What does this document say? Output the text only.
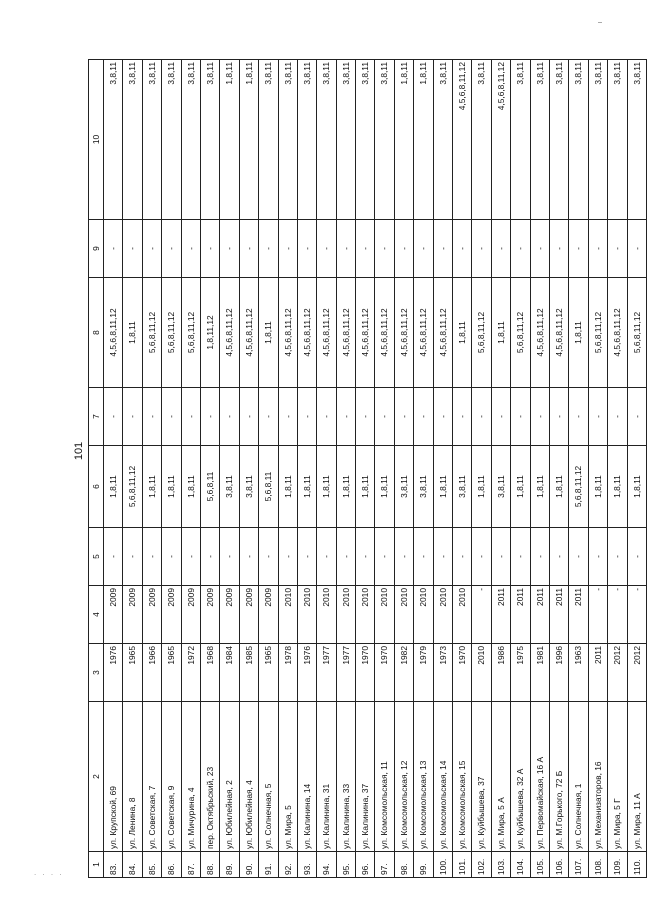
101
1	2	3	4	5	6	7	8	9	10
83.	ул. Крупской, 69	1976	2009	-	1,8,11	-	4,5,6,8,11,12	-	3,8,11
84.	ул. Ленина, 8	1965	2009	-	5,6,8,11,12	-	1,8,11	-	3,8,11
85.	ул. Советская, 7	1966	2009	-	1,8,11	-	5,6,8,11,12	-	3,8,11
86.	ул. Советская, 9	1965	2009	-	1,8,11	-	5,6,8,11,12	-	3,8,11
87.	ул. Мичурина, 4	1972	2009	-	1,8,11	-	5,6,8,11,12	-	3,8,11
88.	пер. Октябрьский, 23	1968	2009	-	5,6,8,11	-	1,8,11,12	-	3,8,11
89.	ул. Юбилейная, 2	1984	2009	-	3,8,11	-	4,5,6,8,11,12	-	1,8,11
90.	ул. Юбилейная, 4	1985	2009	-	3,8,11	-	4,5,6,8,11,12	-	1,8,11
91.	ул. Солнечная, 5	1965	2009	-	5,6,8,11	-	1,8,11	-	3,8,11
92.	ул. Мира, 5	1978	2010	-	1,8,11	-	4,5,6,8,11,12	-	3,8,11
93.	ул. Калинина, 14	1976	2010	-	1,8,11	-	4,5,6,8,11,12	-	3,8,11
94.	ул. Калинина, 31	1977	2010	-	1,8,11	-	4,5,6,8,11,12	-	3,8,11
95.	ул. Калинина, 33	1977	2010	-	1,8,11	-	4,5,6,8,11,12	-	3,8,11
96.	ул. Калинина, 37	1970	2010	-	1,8,11	-	4,5,6,8,11,12	-	3,8,11
97.	ул. Комсомольская, 11	1970	2010	-	1,8,11	-	4,5,6,8,11,12	-	3,8,11
98.	ул. Комсомольская, 12	1982	2010	-	3,8,11	-	4,5,6,8,11,12	-	1,8,11
99.	ул. Комсомольская, 13	1979	2010	-	3,8,11	-	4,5,6,8,11,12	-	1,8,11
100.	ул. Комсомольская, 14	1973	2010	-	1,8,11	-	4,5,6,8,11,12	-	3,8,11
101.	ул. Комсомольская, 15	1970	2010	-	3,8,11	-	1,8,11	-	4,5,6,8,11,12
102.	ул. Куйбышева, 37	2010	-	-	1,8,11	-	5,6,8,11,12	-	3,8,11
103.	ул. Мира, 5 А	1986	2011	-	3,8,11	-	1,8,11	-	4,5,6,8,11,12
104.	ул. Куйбышева, 32 А	1975	2011	-	1,8,11	-	5,6,8,11,12	-	3,8,11
105.	ул. Первомайская, 16 А	1981	2011	-	1,8,11	-	4,5,6,8,11,12	-	3,8,11
106.	ул. М.Горького, 72 Б	1996	2011	-	1,8,11	-	4,5,6,8,11,12	-	3,8,11
107.	ул. Солнечная, 1	1963	2011	-	5,6,8,11,12	-	1,8,11	-	3,8,11
108.	ул. Механизаторов, 16	2011	-	-	1,8,11	-	5,6,8,11,12	-	3,8,11
109.	ул. Мира, 5 Г	2012	-	-	1,8,11	-	4,5,6,8,11,12	-	3,8,11
110.	ул. Мира, 11 А	2012	-	-	1,8,11	-	5,6,8,11,12	-	3,8,11
. . . .
